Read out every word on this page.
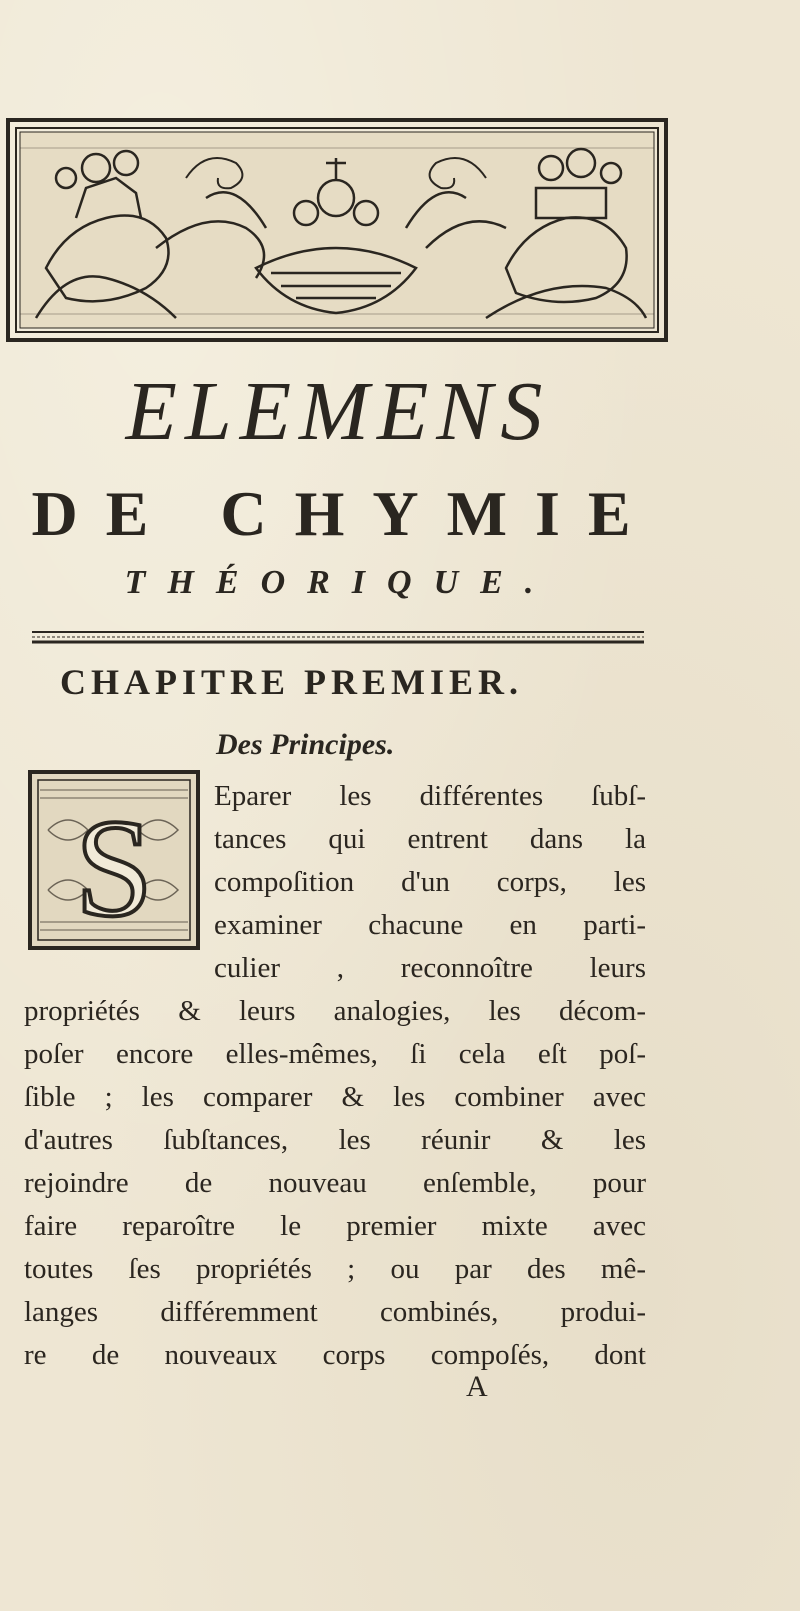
ELEMENS
DE CHYMIE
THÉORIQUE.
CHAPITRE PREMIER.
Des Principes.
S Eparer les différentes ſubſ-
tances qui entrent dans la
compoſition d'un corps, les
examiner chacune en parti-
culier , reconnoître leurs
propriétés & leurs analogies, les décom-
poſer encore elles-mêmes, ſi cela eſt poſ-
ſible ; les comparer & les combiner avec
d'autres ſubſtances, les réunir & les
rejoindre de nouveau enſemble, pour
faire reparoître le premier mixte avec
toutes ſes propriétés ; ou par des mê-
langes différemment combinés, produi-
re de nouveaux corps compoſés, dont
A
